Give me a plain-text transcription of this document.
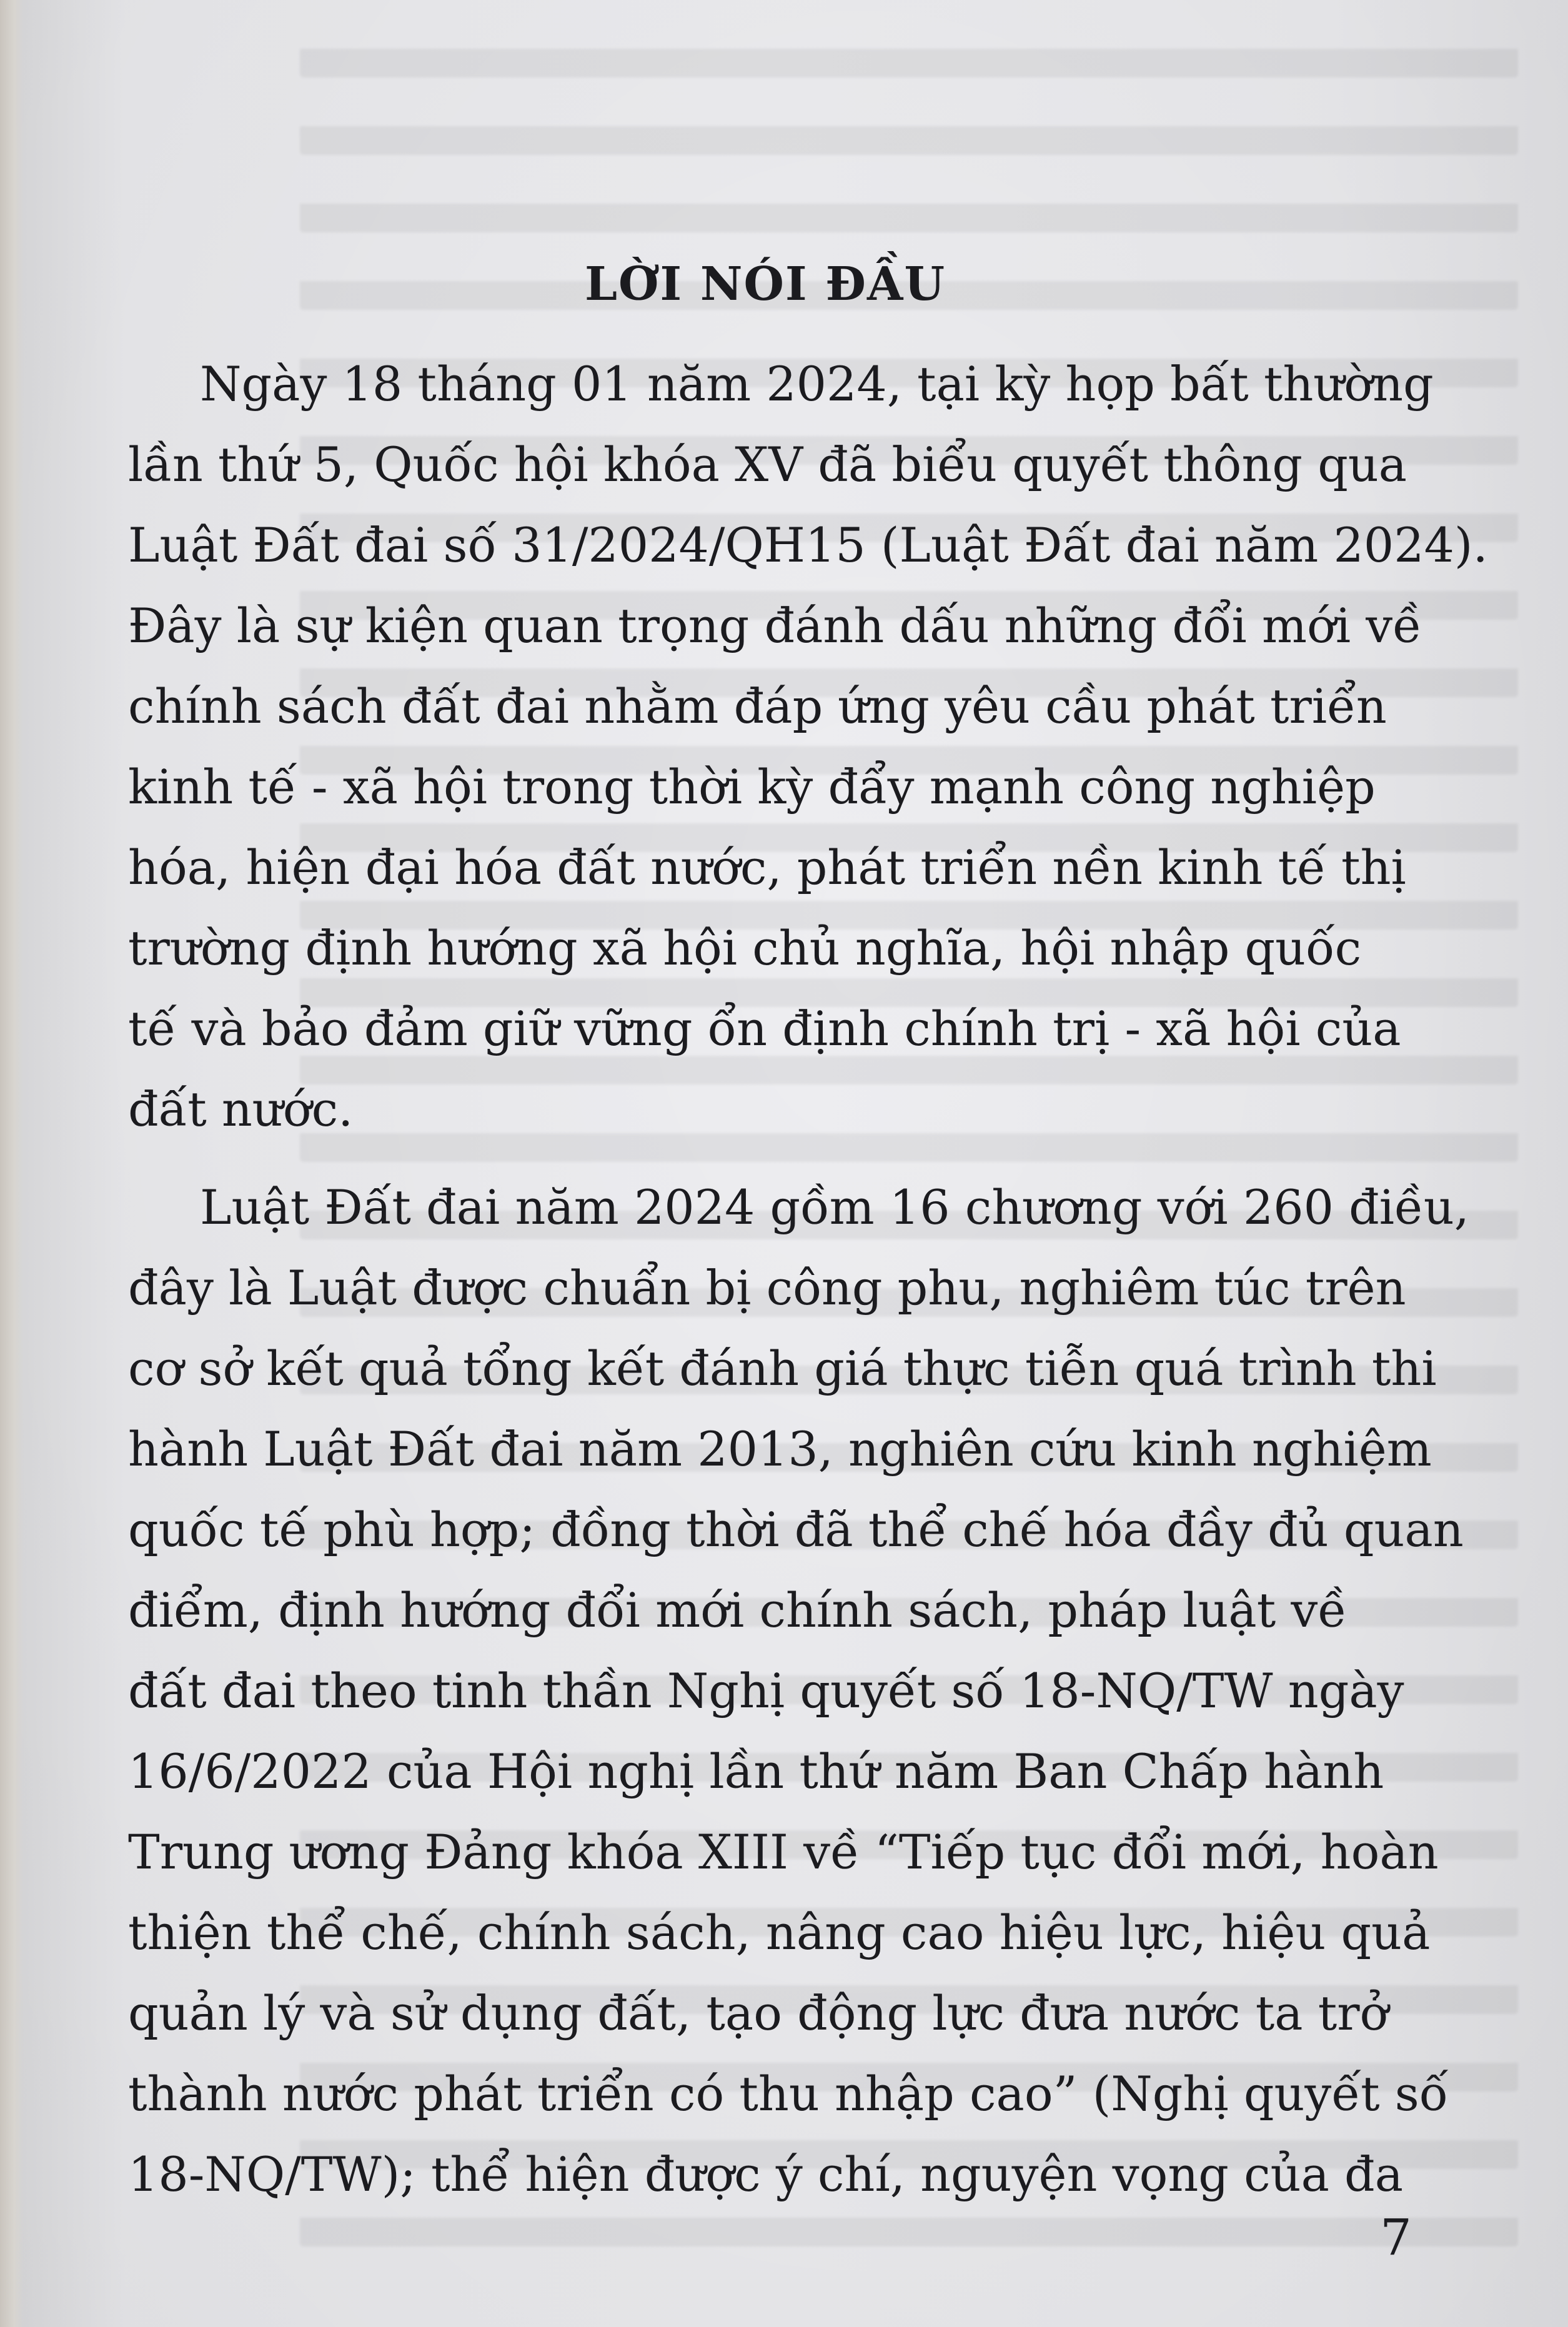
LỜI NÓI ĐẦU

Ngày 18 tháng 01 năm 2024, tại kỳ họp bất thường
lần thứ 5, Quốc hội khóa XV đã biểu quyết thông qua
Luật Đất đai số 31/2024/QH15 (Luật Đất đai năm 2024).
Đây là sự kiện quan trọng đánh dấu những đổi mới về
chính sách đất đai nhằm đáp ứng yêu cầu phát triển
kinh tế - xã hội trong thời kỳ đẩy mạnh công nghiệp
hóa, hiện đại hóa đất nước, phát triển nền kinh tế thị
trường định hướng xã hội chủ nghĩa, hội nhập quốc
tế và bảo đảm giữ vững ổn định chính trị - xã hội của
đất nước.

Luật Đất đai năm 2024 gồm 16 chương với 260 điều,
đây là Luật được chuẩn bị công phu, nghiêm túc trên
cơ sở kết quả tổng kết đánh giá thực tiễn quá trình thi
hành Luật Đất đai năm 2013, nghiên cứu kinh nghiệm
quốc tế phù hợp; đồng thời đã thể chế hóa đầy đủ quan
điểm, định hướng đổi mới chính sách, pháp luật về
đất đai theo tinh thần Nghị quyết số 18-NQ/TW ngày
16/6/2022 của Hội nghị lần thứ năm Ban Chấp hành
Trung ương Đảng khóa XIII về “Tiếp tục đổi mới, hoàn
thiện thể chế, chính sách, nâng cao hiệu lực, hiệu quả
quản lý và sử dụng đất, tạo động lực đưa nước ta trở
thành nước phát triển có thu nhập cao” (Nghị quyết số
18-NQ/TW); thể hiện được ý chí, nguyện vọng của đa

7
